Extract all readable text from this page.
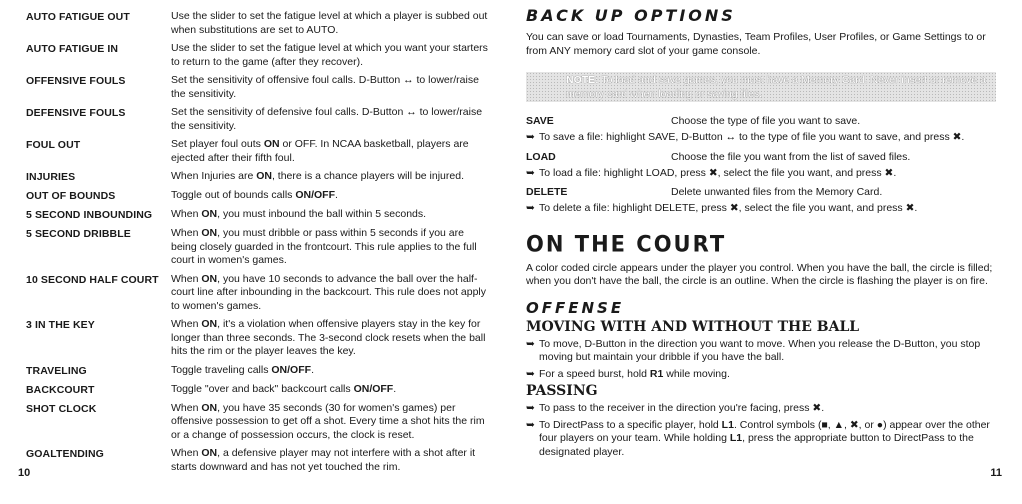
AUTO FATIGUE OUT	Use the slider to set the fatigue level at which a player is subbed out when substitutions are set to AUTO.
AUTO FATIGUE IN	Use the slider to set the fatigue level at which you want your starters to return to the game (after they recover).
OFFENSIVE FOULS	Set the sensitivity of offensive foul calls. D-Button ↔ to lower/raise the sensitivity.
DEFENSIVE FOULS	Set the sensitivity of defensive foul calls. D-Button ↔ to lower/raise the sensitivity.
FOUL OUT	Set player foul outs ON or OFF. In NCAA basketball, players are ejected after their fifth foul.
INJURIES	When Injuries are ON, there is a chance players will be injured.
OUT OF BOUNDS	Toggle out of bounds calls ON/OFF.
5 SECOND INBOUNDING	When ON, you must inbound the ball within 5 seconds.
5 SECOND DRIBBLE	When ON, you must dribble or pass within 5 seconds if you are being closely guarded in the frontcourt. This rule applies to the full court in women's games.
10 SECOND HALF COURT	When ON, you have 10 seconds to advance the ball over the half-court line after inbounding in the backcourt. This rule does not apply to women's games.
3 IN THE KEY	When ON, it's a violation when offensive players stay in the key for longer than three seconds. The 3-second clock resets when the ball hits the rim or the player leaves the key.
TRAVELING	Toggle traveling calls ON/OFF.
BACKCOURT	Toggle "over and back" backcourt calls ON/OFF.
SHOT CLOCK	When ON, you have 35 seconds (30 for women's games) per offensive possession to get off a shot. Every time a shot hits the rim or a change of possession occurs, the clock is reset.
GOALTENDING	When ON, a defensive player may not interfere with a shot after it starts downward and has not yet touched the rim.
10
BACK UP OPTIONS

You can save or load Tournaments, Dynasties, Team Profiles, User Profiles, or Game Settings to or from ANY memory card slot of your game console.

NOTE: To load and save games, you must have a Memory Card. Never insert or remove a memory card when loading or saving files.
SAVE	Choose the type of file you want to save.

➥ To save a file: highlight SAVE, D-Button ↔ to the type of file you want to save, and press ✖.

LOAD	Choose the file you want from the list of saved files.

➥ To load a file: highlight LOAD, press ✖, select the file you want, and press ✖.

DELETE	Delete unwanted files from the Memory Card.

➥ To delete a file: highlight DELETE, press ✖, select the file you want, and press ✖.

ON THE COURT

A color coded circle appears under the player you control. When you have the ball, the circle is filled; when you don't have the ball, the circle is an outline. When the circle is flashing the player is on fire.

OFFENSE
MOVING WITH AND WITHOUT THE BALL

➥ To move, D-Button in the direction you want to move. When you release the D-Button, you stop moving but maintain your dribble if you have the ball.

➥ For a speed burst, hold R1 while moving.

PASSING

➥ To pass to the receiver in the direction you're facing, press ✖.

➥ To DirectPass to a specific player, hold L1. Control symbols (■, ▲, ✖, or ●) appear over the other four players on your team. While holding L1, press the appropriate button to DirectPass to the designated player.

11
